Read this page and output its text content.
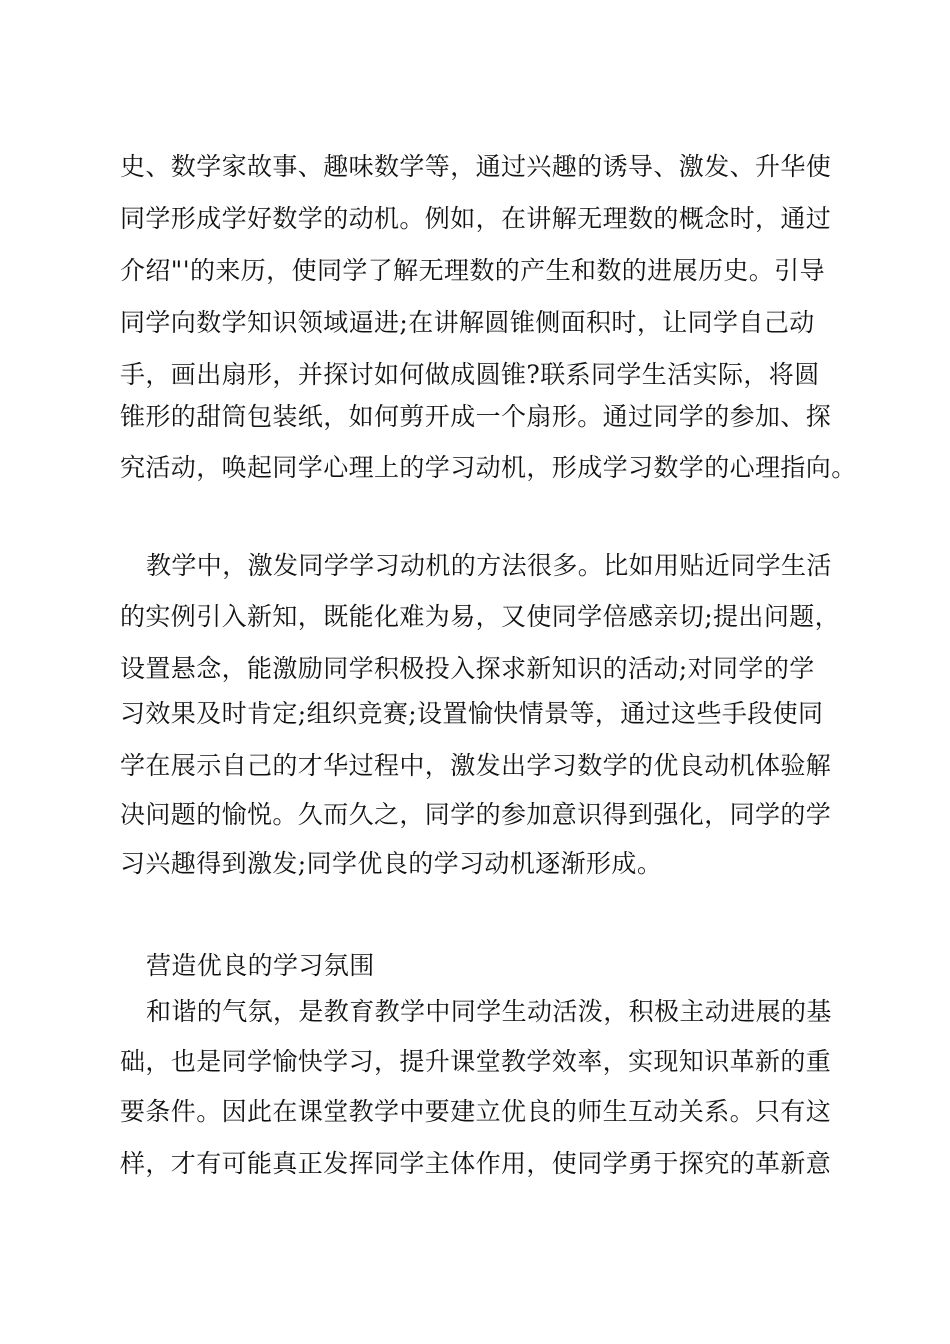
史、数学家故事、趣味数学等，通过兴趣的诱导、激发、升华使
同学形成学好数学的动机。例如，在讲解无理数的概念时，通过
介绍"'的来历，使同学了解无理数的产生和数的进展历史。引导
同学向数学知识领域逼进;在讲解圆锥侧面积时，让同学自己动
手，画出扇形，并探讨如何做成圆锥?联系同学生活实际，将圆
锥形的甜筒包装纸，如何剪开成一个扇形。通过同学的参加、探
究活动，唤起同学心理上的学习动机，形成学习数学的心理指向。
教学中，激发同学学习动机的方法很多。比如用贴近同学生活
的实例引入新知，既能化难为易，又使同学倍感亲切;提出问题，
设置悬念，能激励同学积极投入探求新知识的活动;对同学的学
习效果及时肯定;组织竞赛;设置愉快情景等，通过这些手段使同
学在展示自己的才华过程中，激发出学习数学的优良动机体验解
决问题的愉悦。久而久之，同学的参加意识得到强化，同学的学
习兴趣得到激发;同学优良的学习动机逐渐形成。
营造优良的学习氛围
和谐的气氛，是教育教学中同学生动活泼，积极主动进展的基
础，也是同学愉快学习，提升课堂教学效率，实现知识革新的重
要条件。因此在课堂教学中要建立优良的师生互动关系。只有这
样，才有可能真正发挥同学主体作用，使同学勇于探究的革新意
